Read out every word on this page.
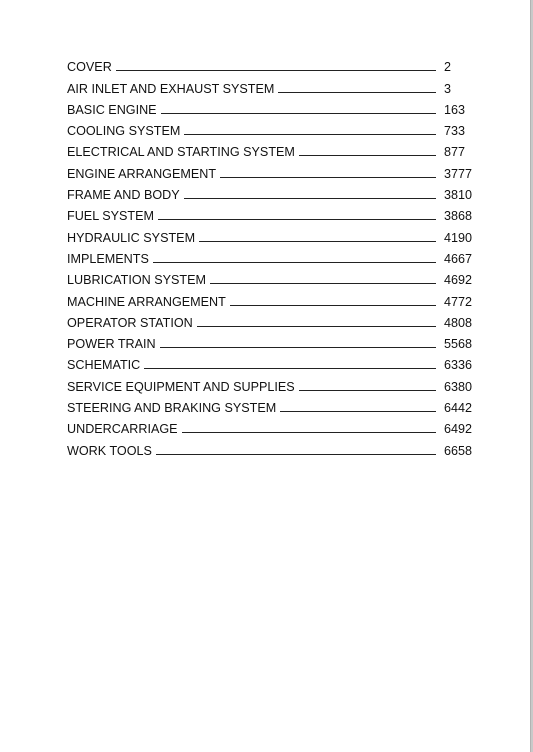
COVER	2
AIR INLET AND EXHAUST SYSTEM	3
BASIC ENGINE	163
COOLING SYSTEM	733
ELECTRICAL AND STARTING SYSTEM	877
ENGINE ARRANGEMENT	3777
FRAME AND BODY	3810
FUEL SYSTEM	3868
HYDRAULIC SYSTEM	4190
IMPLEMENTS	4667
LUBRICATION SYSTEM	4692
MACHINE ARRANGEMENT	4772
OPERATOR STATION	4808
POWER TRAIN	5568
SCHEMATIC	6336
SERVICE EQUIPMENT AND SUPPLIES	6380
STEERING AND BRAKING SYSTEM	6442
UNDERCARRIAGE	6492
WORK TOOLS	6658
